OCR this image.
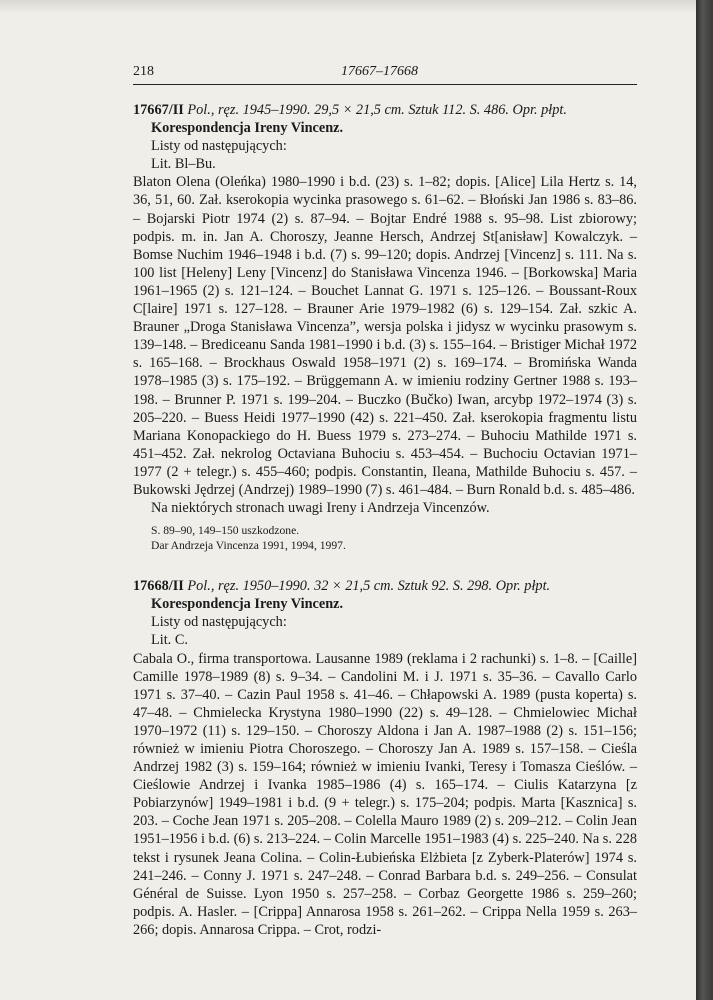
218	17667–17668

17667/II Pol., ręz. 1945–1990. 29,5 × 21,5 cm. Sztuk 112. S. 486. Opr. płpt.

Korespondencja Ireny Vincenz.

Listy od następujących:

Lit. Bl–Bu.

Blaton Olena (Oleńka) 1980–1990 i b.d. (23) s. 1–82; dopis. [Alice] Lila Hertz s. 14, 36, 51, 60. Zał. kserokopia wycinka prasowego s. 61–62. – Błoński Jan 1986 s. 83–86. – Bojarski Piotr 1974 (2) s. 87–94. – Bojtar Endré 1988 s. 95–98. List zbiorowy; podpis. m. in. Jan A. Choroszy, Jeanne Hersch, Andrzej St[anisław] Kowalczyk. – Bomse Nuchim 1946–1948 i b.d. (7) s. 99–120; dopis. Andrzej [Vincenz] s. 111. Na s. 100 list [Heleny] Leny [Vincenz] do Stanisława Vincenza 1946. – [Borkowska] Maria 1961–1965 (2) s. 121–124. – Bouchet Lannat G. 1971 s. 125–126. – Boussant-Roux C[laire] 1971 s. 127–128. – Brauner Arie 1979–1982 (6) s. 129–154. Zał. szkic A. Brauner „Droga Stanisława Vincenza”, wersja polska i jidysz w wycinku prasowym s. 139–148. – Brediceanu Sanda 1981–1990 i b.d. (3) s. 155–164. – Bristiger Michał 1972 s. 165–168. – Brockhaus Oswald 1958–1971 (2) s. 169–174. – Bromińska Wanda 1978–1985 (3) s. 175–192. – Brüggemann A. w imieniu rodziny Gertner 1988 s. 193–198. – Brunner P. 1971 s. 199–204. – Buczko (Bučko) Iwan, arcybp 1972–1974 (3) s. 205–220. – Buess Heidi 1977–1990 (42) s. 221–450. Zał. kserokopia fragmentu listu Mariana Konopackiego do H. Buess 1979 s. 273–274. – Buhociu Mathilde 1971 s. 451–452. Zał. nekrolog Octaviana Buhociu s. 453–454. – Buchociu Octavian 1971–1977 (2 + telegr.) s. 455–460; podpis. Constantin, Ileana, Mathilde Buhociu s. 457. – Bukowski Jędrzej (Andrzej) 1989–1990 (7) s. 461–484. – Burn Ronald b.d. s. 485–486.

Na niektórych stronach uwagi Ireny i Andrzeja Vincenzów.

S. 89–90, 149–150 uszkodzone.

Dar Andrzeja Vincenza 1991, 1994, 1997.

17668/II Pol., ręz. 1950–1990. 32 × 21,5 cm. Sztuk 92. S. 298. Opr. płpt.

Korespondencja Ireny Vincenz.

Listy od następujących:

Lit. C.

Cabala O., firma transportowa. Lausanne 1989 (reklama i 2 rachunki) s. 1–8. – [Caille] Camille 1978–1989 (8) s. 9–34. – Candolini M. i J. 1971 s. 35–36. – Cavallo Carlo 1971 s. 37–40. – Cazin Paul 1958 s. 41–46. – Chłapowski A. 1989 (pusta koperta) s. 47–48. – Chmielecka Krystyna 1980–1990 (22) s. 49–128. – Chmielowiec Michał 1970–1972 (11) s. 129–150. – Choroszy Aldona i Jan A. 1987–1988 (2) s. 151–156; również w imieniu Piotra Choroszego. – Choroszy Jan A. 1989 s. 157–158. – Cieśla Andrzej 1982 (3) s. 159–164; również w imieniu Ivanki, Teresy i Tomasza Cieślów. – Cieślowie Andrzej i Ivanka 1985–1986 (4) s. 165–174. – Ciulis Katarzyna [z Pobiarzynów] 1949–1981 i b.d. (9 + telegr.) s. 175–204; podpis. Marta [Kasznica] s. 203. – Coche Jean 1971 s. 205–208. – Colella Mauro 1989 (2) s. 209–212. – Colin Jean 1951–1956 i b.d. (6) s. 213–224. – Colin Marcelle 1951–1983 (4) s. 225–240. Na s. 228 tekst i rysunek Jeana Colina. – Colin-Łubieńska Elżbieta [z Zyberk-Platerów] 1974 s. 241–246. – Conny J. 1971 s. 247–248. – Conrad Barbara b.d. s. 249–256. – Consulat Général de Suisse. Lyon 1950 s. 257–258. – Corbaz Georgette 1986 s. 259–260; podpis. A. Hasler. – [Crippa] Annarosa 1958 s. 261–262. – Crippa Nella 1959 s. 263–266; dopis. Annarosa Crippa. – Crot, rodzi-
